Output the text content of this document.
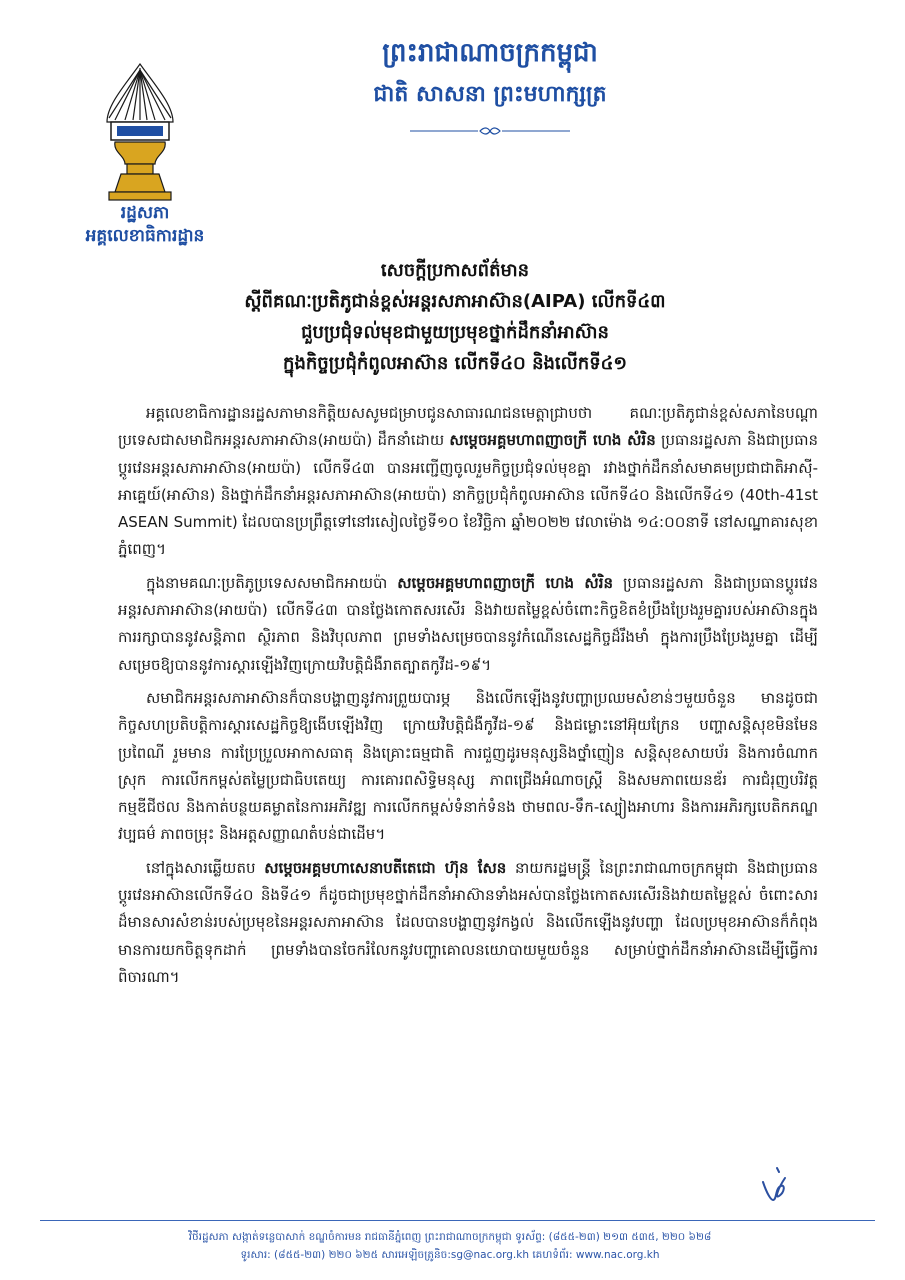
រដ្ឋសភា
អគ្គលេខាធិការដ្ឋាន
ព្រះរាជាណាចក្រកម្ពុជា
ជាតិ សាសនា ព្រះមហាក្សត្រ
សេចក្ដីប្រកាសព័ត៌មាន
ស្ដីពីគណៈប្រតិភូជាន់ខ្ពស់អន្តរសភាអាស៊ាន(AIPA) លើកទី៤៣
ជួបប្រជុំទល់មុខជាមួយប្រមុខថ្នាក់ដឹកនាំអាស៊ាន
ក្នុងកិច្ចប្រជុំកំពូលអាស៊ាន លើកទី៤០ និងលើកទី៤១

អគ្គលេខាធិការដ្ឋានរដ្ឋសភាមានកិត្តិយសសូមជម្រាបជូនសាធារណជនមេត្តាជ្រាបថា គណៈប្រតិភូជាន់ខ្ពស់សភានៃបណ្ដាប្រទេសជាសមាជិកអន្តរសភាអាស៊ាន(អាយប៉ា) ដឹកនាំដោយ សម្ដេចអគ្គមហាពញាចក្រី ហេង សំរិន ប្រធានរដ្ឋសភា និងជាប្រធានប្ដូរវេនអន្តរសភាអាស៊ាន(អាយប៉ា) លើកទី៤៣ បានអញ្ជើញចូលរួមកិច្ចប្រជុំទល់មុខគ្នា រវាងថ្នាក់ដឹកនាំសមាគមប្រជាជាតិអាស៊ី-អាគ្នេយ៍(អាស៊ាន) និងថ្នាក់ដឹកនាំអន្តរសភាអាស៊ាន(អាយប៉ា) នាកិច្ចប្រជុំកំពូលអាស៊ាន លើកទី៤០ និងលើកទី៤១ (40th-41st ASEAN Summit) ដែលបានប្រព្រឹត្តទៅនៅរសៀលថ្ងៃទី១០ ខែវិច្ឆិកា ឆ្នាំ២០២២ វេលាម៉ោង ១៤:០០នាទី នៅសណ្ឋាគារសុខាភ្នំពេញ។

ក្នុងនាមគណៈប្រតិភូប្រទេសសមាជិកអាយប៉ា សម្ដេចអគ្គមហាពញាចក្រី ហេង សំរិន ប្រធានរដ្ឋសភា និងជាប្រធានប្ដូរវេនអន្តរសភាអាស៊ាន(អាយប៉ា) លើកទី៤៣ បានថ្លែងកោតសរសើរ និងវាយតម្លៃខ្ពស់ចំពោះកិច្ចខិតខំប្រឹងប្រែងរួមគ្នារបស់អាស៊ានក្នុងការរក្សាបាននូវសន្តិភាព ស្ថិរភាព និងវិបុលភាព ព្រមទាំងសម្រេចបាននូវកំណើនសេដ្ឋកិច្ចដ៏រឹងមាំ ក្នុងការប្រឹងប្រែងរួមគ្នា ដើម្បីសម្រេចឱ្យបាននូវការស្ដារឡើងវិញក្រោយវិបត្តិជំងឺរាតត្បាតកូវីដ-១៩។

សមាជិកអន្តរសភាអាស៊ានក៏បានបង្ហាញនូវការព្រួយបារម្ភ និងលើកឡើងនូវបញ្ហាប្រឈមសំខាន់ៗមួយចំនួន មានដូចជា កិច្ចសហប្រតិបត្តិការស្ដារសេដ្ឋកិច្ចឱ្យងើបឡើងវិញ ក្រោយវិបត្តិជំងឺកូវីដ-១៩ និងជម្លោះនៅអ៊ុយក្រែន បញ្ហាសន្តិសុខមិនមែនប្រពៃណី រួមមាន ការប្រែប្រួលអាកាសធាតុ និងគ្រោះធម្មជាតិ ការជួញដូរមនុស្សនិងថ្នាំញៀន សន្តិសុខសាយប័រ និងការចំណាកស្រុក ការលើកកម្ពស់តម្លៃប្រជាធិបតេយ្យ ការគោរពសិទ្ធិមនុស្ស ភាពជ្រើងអំណាចស្ត្រី និងសមភាពយេនឌ័រ ការជំរុញបរិវត្តកម្មឌីជីថល និងកាត់បន្ថយគម្លាតនៃការអភិវឌ្ឍ ការលើកកម្ពស់ទំនាក់ទំនង ថាមពល-ទឹក-ស្បៀងអាហារ និងការអភិរក្សបេតិកភណ្ឌវប្បធម៌ ភាពចម្រុះ និងអត្តសញ្ញាណតំបន់ជាដើម។

នៅក្នុងសារឆ្លើយតប សម្ដេចអគ្គមហាសេនាបតីតេជោ ហ៊ុន សែន នាយករដ្ឋមន្ត្រី នៃព្រះរាជាណាចក្រកម្ពុជា និងជាប្រធានប្ដូរវេនអាស៊ានលើកទី៤០ និងទី៤១ ក៏ដូចជាប្រមុខថ្នាក់ដឹកនាំអាស៊ានទាំងអស់បានថ្លែងកោតសរសើរនិងវាយតម្លៃខ្ពស់ ចំពោះសារដ៏មានសារសំខាន់របស់ប្រមុខនៃអន្តរសភាអាស៊ាន ដែលបានបង្ហាញនូវកង្វល់ និងលើកឡើងនូវបញ្ហា ដែលប្រមុខអាស៊ានក៏កំពុងមានការយកចិត្តទុកដាក់ ព្រមទាំងបានចែករំលែកនូវបញ្ហាគោលនយោបាយមួយចំនួន សម្រាប់ថ្នាក់ដឹកនាំអាស៊ានដើម្បីធ្វើការពិចារណា។

វិថីរដ្ឋសភា សង្កាត់ទន្លេបាសាក់ ខណ្ឌចំការមន រាជធានីភ្នំពេញ ព្រះរាជាណាចក្រកម្ពុជា ទូរស័ព្ទ: (៨៥៥-២៣) ២១៣ ៥៣៥, ២២០ ៦២៨
ទូរសារ: (៨៥៥-២៣) ២២០ ៦២៥ សារអេឡិចត្រូនិច:sg@nac.org.kh គេហទំព័រ: www.nac.org.kh
